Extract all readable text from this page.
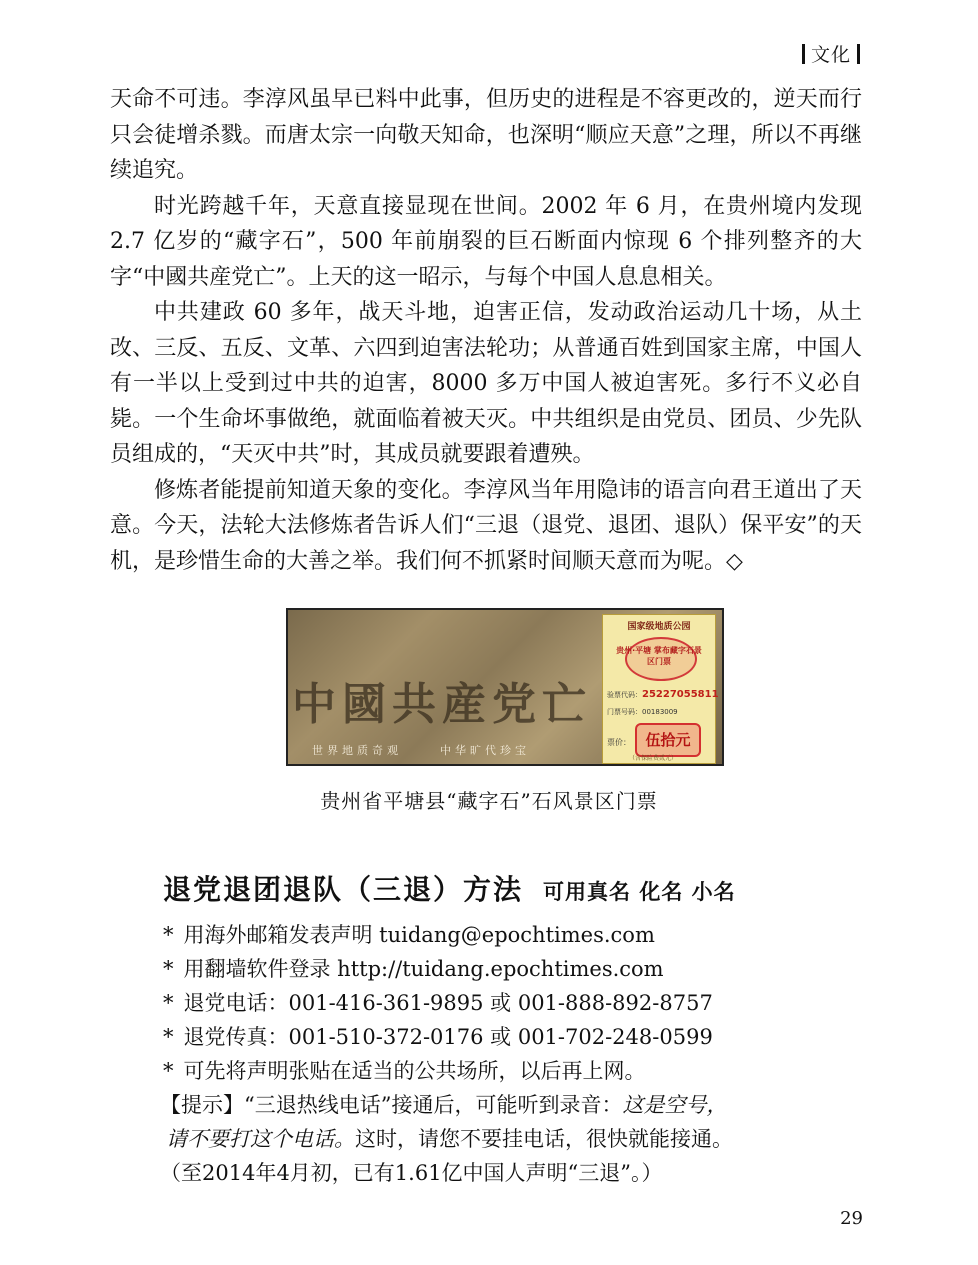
文化

天命不可违。李淳风虽早已料中此事，但历史的进程是不容更改的，逆天而行只会徒增杀戮。而唐太宗一向敬天知命，也深明“顺应天意”之理，所以不再继续追究。

时光跨越千年，天意直接显现在世间。2002 年 6 月，在贵州境内发现 2.7 亿岁的“藏字石”，500 年前崩裂的巨石断面内惊现 6 个排列整齐的大字“中國共産党亡”。上天的这一昭示，与每个中国人息息相关。

中共建政 60 多年，战天斗地，迫害正信，发动政治运动几十场，从土改、三反、五反、文革、六四到迫害法轮功；从普通百姓到国家主席，中国人有一半以上受到过中共的迫害，8000 多万中国人被迫害死。多行不义必自毙。一个生命坏事做绝，就面临着被天灭。中共组织是由党员、团员、少先队员组成的，“天灭中共”时，其成员就要跟着遭殃。

修炼者能提前知道天象的变化。李淳风当年用隐讳的语言向君王道出了天意。今天，法轮大法修炼者告诉人们“三退（退党、退团、退队）保平安”的天机，是珍惜生命的大善之举。我们何不抓紧时间顺天意而为呢。◇

中國共産党亡
世界地质奇观	中华旷代珍宝
国家级地质公园
贵州·平塘 掌布藏字石景区门票
验票代码：25227055811
门票号码：00183009
票价： 伍拾元
（含保险费贰元）
贵州省平塘县“藏字石”石风景区门票
退党退团退队（三退）方法 可用真名 化名 小名
* 用海外邮箱发表声明 tuidang@epochtimes.com
* 用翻墙软件登录 http://tuidang.epochtimes.com
* 退党电话：001-416-361-9895 或 001-888-892-8757
* 退党传真：001-510-372-0176 或 001-702-248-0599
* 可先将声明张贴在适当的公共场所，以后再上网。
【提示】“三退热线电话”接通后，可能听到录音：这是空号，
请不要打这个电话。这时，请您不要挂电话，很快就能接通。
（至2014年4月初，已有1.61亿中国人声明“三退”。）
29
